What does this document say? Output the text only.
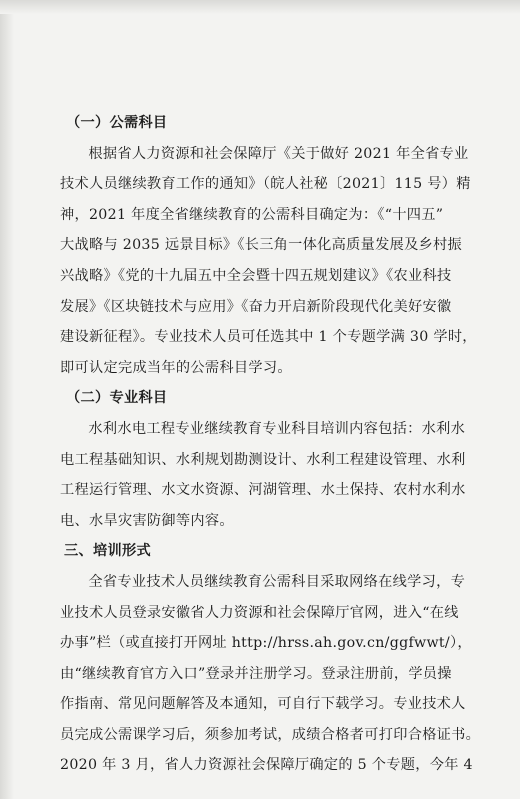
（一）公需科目
根据省人力资源和社会保障厅《关于做好 2021 年全省专业
技术人员继续教育工作的通知》（皖人社秘〔2021〕115 号）精
神，2021 年度全省继续教育的公需科目确定为：《“十四五”
大战略与 2035 远景目标》《长三角一体化高质量发展及乡村振
兴战略》《党的十九届五中全会暨十四五规划建议》《农业科技
发展》《区块链技术与应用》《奋力开启新阶段现代化美好安徽
建设新征程》。专业技术人员可任选其中 1 个专题学满 30 学时，
即可认定完成当年的公需科目学习。
（二）专业科目
水利水电工程专业继续教育专业科目培训内容包括：水利水
电工程基础知识、水利规划勘测设计、水利工程建设管理、水利
工程运行管理、水文水资源、河湖管理、水土保持、农村水利水
电、水旱灾害防御等内容。
三、培训形式
全省专业技术人员继续教育公需科目采取网络在线学习，专
业技术人员登录安徽省人力资源和社会保障厅官网，进入“在线
办事”栏（或直接打开网址 http://hrss.ah.gov.cn/ggfwwt/），
由“继续教育官方入口”登录并注册学习。登录注册前，学员操
作指南、常见问题解答及本通知，可自行下载学习。专业技术人
员完成公需课学习后，须参加考试，成绩合格者可打印合格证书。
2020 年 3 月，省人力资源社会保障厅确定的 5 个专题，今年 4
